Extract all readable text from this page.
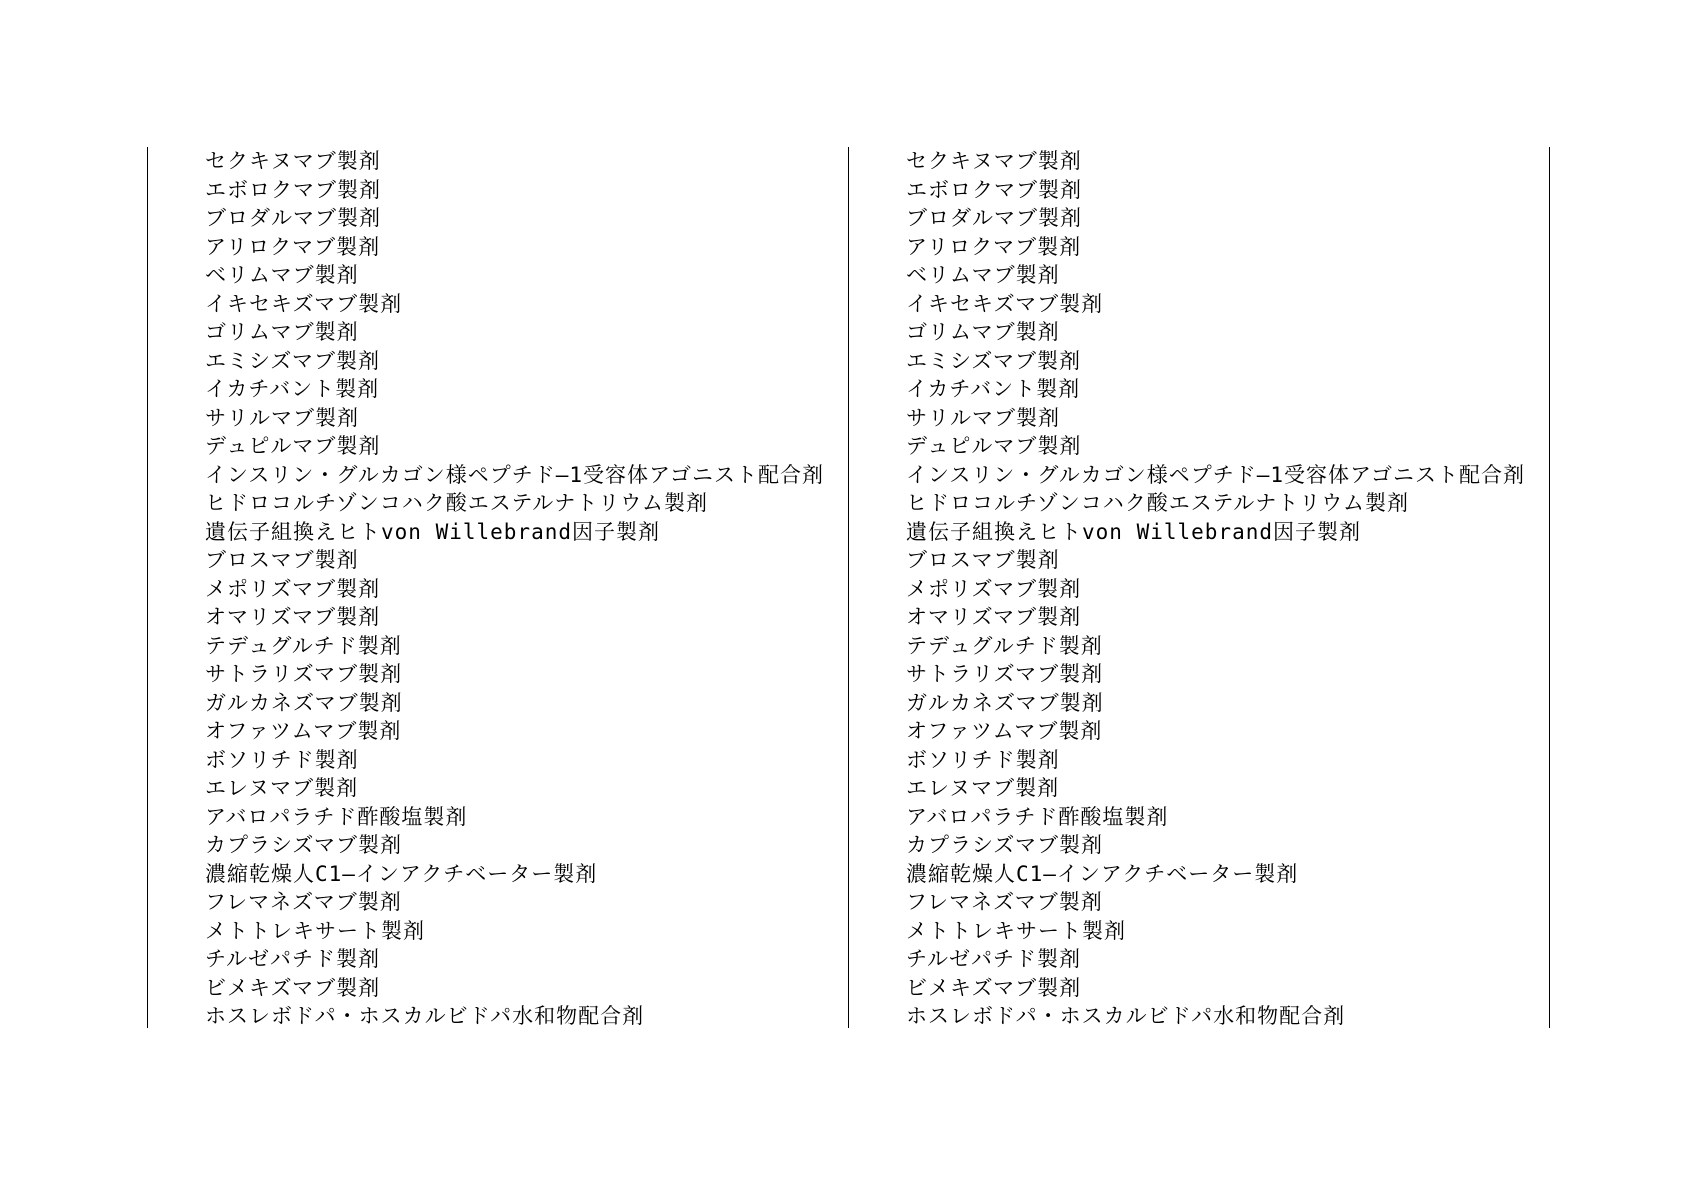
セクキヌマブ製剤
エボロクマブ製剤
ブロダルマブ製剤
アリロクマブ製剤
ベリムマブ製剤
イキセキズマブ製剤
ゴリムマブ製剤
エミシズマブ製剤
イカチバント製剤
サリルマブ製剤
デュピルマブ製剤
インスリン・グルカゴン様ペプチド―1受容体アゴニスト配合剤
ヒドロコルチゾンコハク酸エステルナトリウム製剤
遺伝子組換えヒトvon Willebrand因子製剤
ブロスマブ製剤
メポリズマブ製剤
オマリズマブ製剤
テデュグルチド製剤
サトラリズマブ製剤
ガルカネズマブ製剤
オファツムマブ製剤
ボソリチド製剤
エレヌマブ製剤
アバロパラチド酢酸塩製剤
カプラシズマブ製剤
濃縮乾燥人C1―インアクチベーター製剤
フレマネズマブ製剤
メトトレキサート製剤
チルゼパチド製剤
ビメキズマブ製剤
ホスレボドパ・ホスカルビドパ水和物配合剤
セクキヌマブ製剤
エボロクマブ製剤
ブロダルマブ製剤
アリロクマブ製剤
ベリムマブ製剤
イキセキズマブ製剤
ゴリムマブ製剤
エミシズマブ製剤
イカチバント製剤
サリルマブ製剤
デュピルマブ製剤
インスリン・グルカゴン様ペプチド―1受容体アゴニスト配合剤
ヒドロコルチゾンコハク酸エステルナトリウム製剤
遺伝子組換えヒトvon Willebrand因子製剤
ブロスマブ製剤
メポリズマブ製剤
オマリズマブ製剤
テデュグルチド製剤
サトラリズマブ製剤
ガルカネズマブ製剤
オファツムマブ製剤
ボソリチド製剤
エレヌマブ製剤
アバロパラチド酢酸塩製剤
カプラシズマブ製剤
濃縮乾燥人C1―インアクチベーター製剤
フレマネズマブ製剤
メトトレキサート製剤
チルゼパチド製剤
ビメキズマブ製剤
ホスレボドパ・ホスカルビドパ水和物配合剤
